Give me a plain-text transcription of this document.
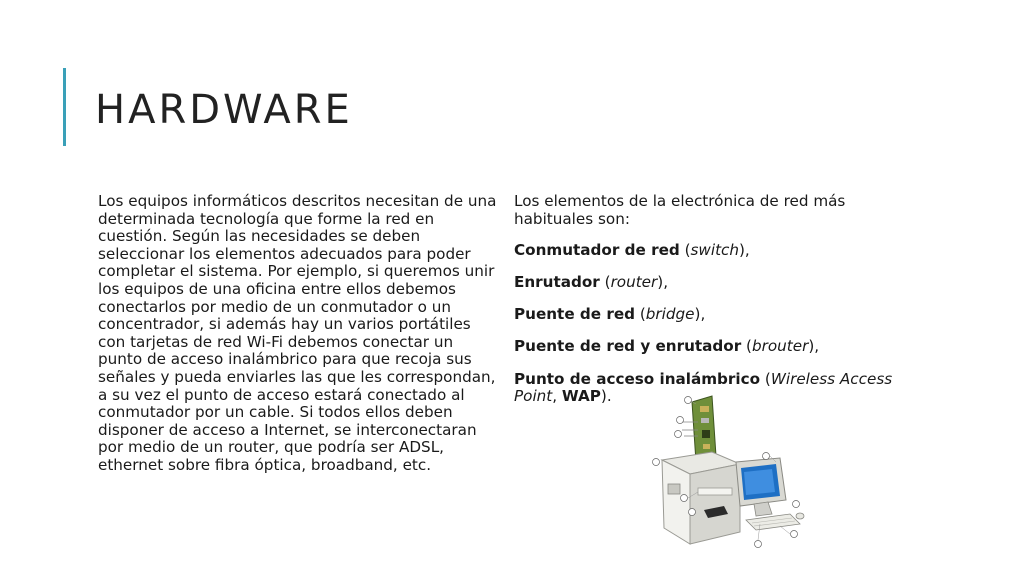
HARDWARE
Los equipos informáticos descritos necesitan de una determinada tecnología que forme la red en cuestión. Según las necesidades se deben seleccionar los elementos adecuados para poder completar el sistema. Por ejemplo, si queremos unir los equipos de una oficina entre ellos debemos conectarlos por medio de un conmutador o un concentrador, si además hay un varios portátiles con tarjetas de red Wi-Fi debemos conectar un punto de acceso inalámbrico para que recoja sus señales y pueda enviarles las que les correspondan, a su vez el punto de acceso estará conectado al conmutador por un cable. Si todos ellos deben disponer de acceso a Internet, se interconectaran por medio de un router, que podría ser ADSL, ethernet sobre fibra óptica, broadband, etc.

Los elementos de la electrónica de red más habituales son:

Conmutador de red (switch),

Enrutador (router),

Puente de red (bridge),

Puente de red y enrutador (brouter),

Punto de acceso inalámbrico (Wireless Access Point, WAP).
